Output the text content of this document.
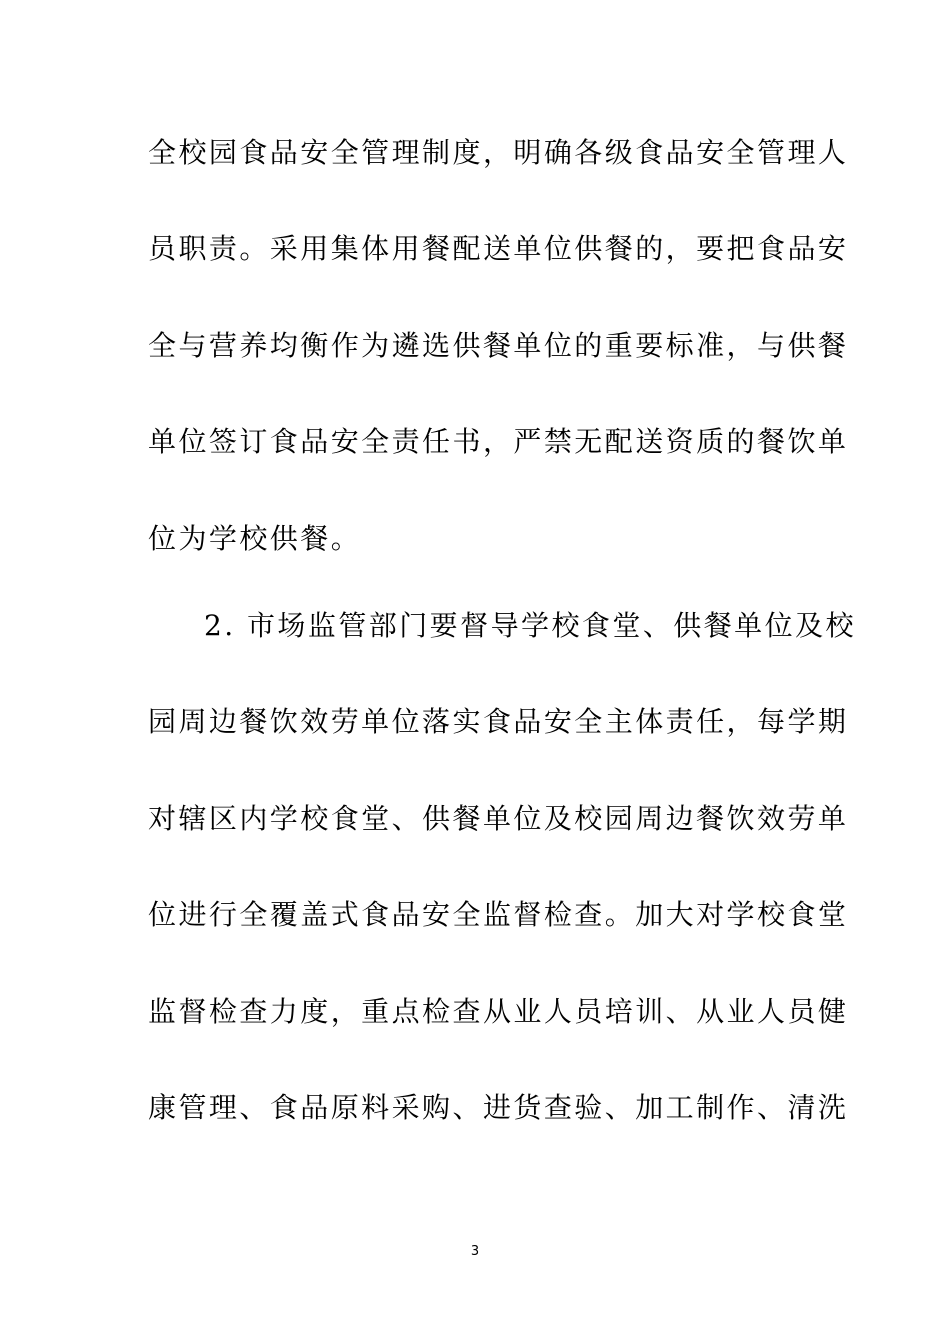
全校园食品安全管理制度，明确各级食品安全管理人
员职责。采用集体用餐配送单位供餐的，要把食品安
全与营养均衡作为遴选供餐单位的重要标准，与供餐
单位签订食品安全责任书，严禁无配送资质的餐饮单
位为学校供餐。
2. 市场监管部门要督导学校食堂、供餐单位及校
园周边餐饮效劳单位落实食品安全主体责任，每学期
对辖区内学校食堂、供餐单位及校园周边餐饮效劳单
位进行全覆盖式食品安全监督检查。加大对学校食堂
监督检查力度，重点检查从业人员培训、从业人员健
康管理、食品原料采购、进货查验、加工制作、清洗
3
